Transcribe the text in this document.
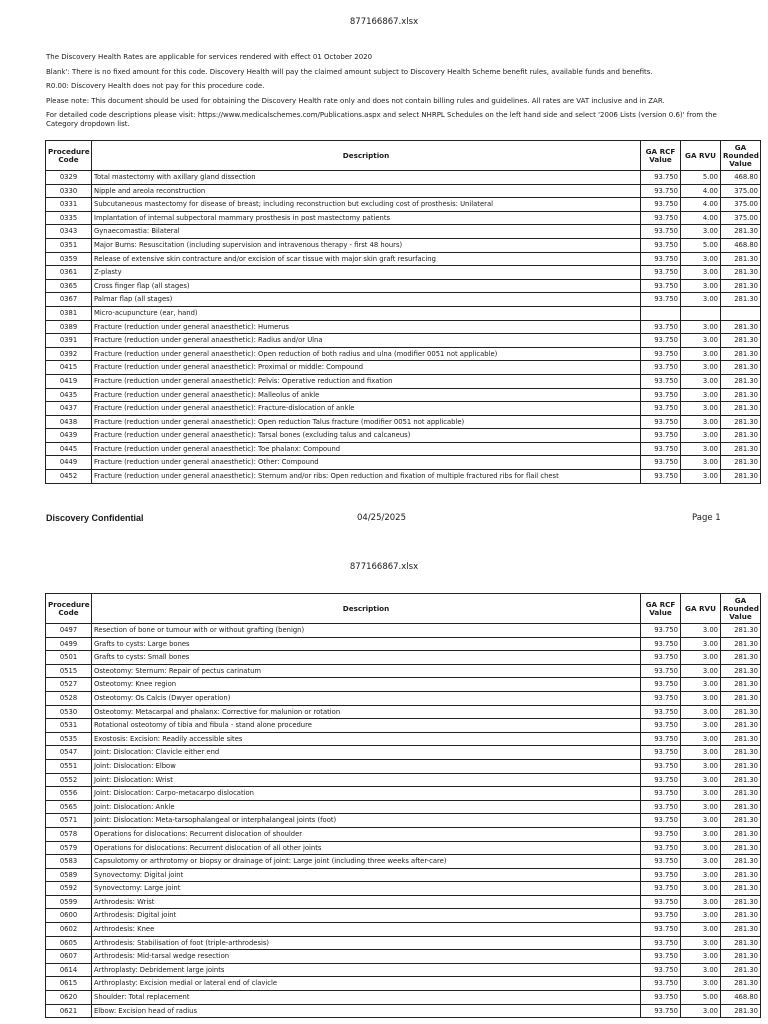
877166867.xlsx

The Discovery Health Rates are applicable for services rendered with effect 01 October 2020

Blank': There is no fixed amount for this code. Discovery Health will pay the claimed amount subject to Discovery Health Scheme benefit rules, available funds and benefits.

R0.00: Discovery Health does not pay for this procedure code.

Please note: This document should be used for obtaining the Discovery Health rate only and does not contain billing rules and guidelines. All rates are VAT inclusive and in ZAR.

For detailed code descriptions please visit: https://www.medicalschemes.com/Publications.aspx and select NHRPL Schedules on the left hand side and select '2006 Lists (version 0.6)' from the Category dropdown list.

Procedure Code	Description	GA RCF Value	GA RVU	GA Rounded Value
0329	Total mastectomy with axillary gland dissection	93.750	5.00	468.80
0330	Nipple and areola reconstruction	93.750	4.00	375.00
0331	Subcutaneous mastectomy for disease of breast; including reconstruction but excluding cost of prosthesis: Unilateral	93.750	4.00	375.00
0335	Implantation of internal subpectoral mammary prosthesis in post mastectomy patients	93.750	4.00	375.00
0343	Gynaecomastia: Bilateral	93.750	3.00	281.30
0351	Major Burns: Resuscitation (including supervision and intravenous therapy - first 48 hours)	93.750	5.00	468.80
0359	Release of extensive skin contracture and/or excision of scar tissue with major skin graft resurfacing	93.750	3.00	281.30
0361	Z-plasty	93.750	3.00	281.30
0365	Cross finger flap (all stages)	93.750	3.00	281.30
0367	Palmar flap (all stages)	93.750	3.00	281.30
0381	Micro-acupuncture (ear, hand)			
0389	Fracture (reduction under general anaesthetic): Humerus	93.750	3.00	281.30
0391	Fracture (reduction under general anaesthetic): Radius and/or Ulna	93.750	3.00	281.30
0392	Fracture (reduction under general anaesthetic): Open reduction of both radius and ulna (modifier 0051 not applicable)	93.750	3.00	281.30
0415	Fracture (reduction under general anaesthetic): Proximal or middle: Compound	93.750	3.00	281.30
0419	Fracture (reduction under general anaesthetic): Pelvis: Operative reduction and fixation	93.750	3.00	281.30
0435	Fracture (reduction under general anaesthetic): Malleolus of ankle	93.750	3.00	281.30
0437	Fracture (reduction under general anaesthetic): Fracture-dislocation of ankle	93.750	3.00	281.30
0438	Fracture (reduction under general anaesthetic): Open reduction Talus fracture (modifier 0051 not applicable)	93.750	3.00	281.30
0439	Fracture (reduction under general anaesthetic): Tarsal bones (excluding talus and calcaneus)	93.750	3.00	281.30
0445	Fracture (reduction under general anaesthetic): Toe phalanx: Compound	93.750	3.00	281.30
0449	Fracture (reduction under general anaesthetic): Other: Compound	93.750	3.00	281.30
0452	Fracture (reduction under general anaesthetic): Sternum and/or ribs: Open reduction and fixation of multiple fractured ribs for flail chest	93.750	3.00	281.30
Discovery Confidential	04/25/2025	Page 1
877166867.xlsx
Procedure Code	Description	GA RCF Value	GA RVU	GA Rounded Value
0497	Resection of bone or tumour with or without grafting (benign)	93.750	3.00	281.30
0499	Grafts to cysts: Large bones	93.750	3.00	281.30
0501	Grafts to cysts: Small bones	93.750	3.00	281.30
0515	Osteotomy: Sternum: Repair of pectus carinatum	93.750	3.00	281.30
0527	Osteotomy: Knee region	93.750	3.00	281.30
0528	Osteotomy: Os Calcis (Dwyer operation)	93.750	3.00	281.30
0530	Osteotomy: Metacarpal and phalanx: Corrective for malunion or rotation	93.750	3.00	281.30
0531	Rotational osteotomy of tibia and fibula - stand alone procedure	93.750	3.00	281.30
0535	Exostosis: Excision: Readily accessible sites	93.750	3.00	281.30
0547	Joint: Dislocation: Clavicle either end	93.750	3.00	281.30
0551	Joint: Dislocation: Elbow	93.750	3.00	281.30
0552	Joint: Dislocation: Wrist	93.750	3.00	281.30
0556	Joint: Dislocation: Carpo-metacarpo dislocation	93.750	3.00	281.30
0565	Joint: Dislocation: Ankle	93.750	3.00	281.30
0571	Joint: Dislocation: Meta-tarsophalangeal or interphalangeal joints (foot)	93.750	3.00	281.30
0578	Operations for dislocations: Recurrent dislocation of shoulder	93.750	3.00	281.30
0579	Operations for dislocations: Recurrent dislocation of all other joints	93.750	3.00	281.30
0583	Capsulotomy or arthrotomy or biopsy or drainage of joint: Large joint (including three weeks after-care)	93.750	3.00	281.30
0589	Synovectomy: Digital joint	93.750	3.00	281.30
0592	Synovectomy: Large joint	93.750	3.00	281.30
0599	Arthrodesis: Wrist	93.750	3.00	281.30
0600	Arthrodesis: Digital joint	93.750	3.00	281.30
0602	Arthrodesis: Knee	93.750	3.00	281.30
0605	Arthrodesis: Stabilisation of foot (triple-arthrodesis)	93.750	3.00	281.30
0607	Arthrodesis: Mid-tarsal wedge resection	93.750	3.00	281.30
0614	Arthroplasty: Debridement large joints	93.750	3.00	281.30
0615	Arthroplasty: Excision medial or lateral end of clavicle	93.750	3.00	281.30
0620	Shoulder: Total replacement	93.750	5.00	468.80
0621	Elbow: Excision head of radius	93.750	3.00	281.30
